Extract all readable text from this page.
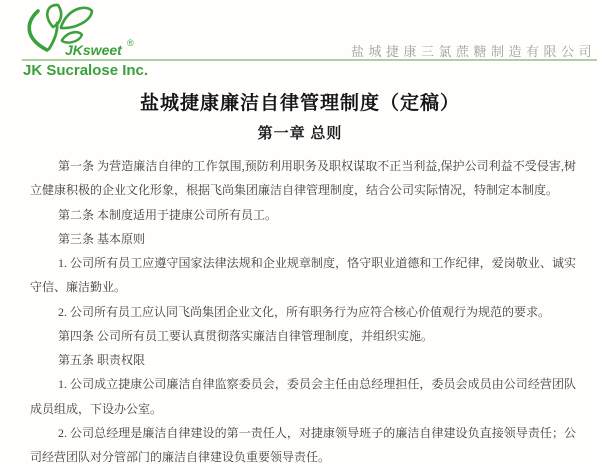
JKsweet ®
JK Sucralose Inc.
盐城捷康三氯蔗糖制造有限公司
盐城捷康廉洁自律管理制度（定稿）
第一章 总则

第一条 为营造廉洁自律的工作氛围,预防利用职务及职权谋取不正当利益,保护公司利益不受侵害,树立健康积极的企业文化形象，根据飞尚集团廉洁自律管理制度，结合公司实际情况，特制定本制度。

第二条 本制度适用于捷康公司所有员工。

第三条 基本原则

1. 公司所有员工应遵守国家法律法规和企业规章制度，恪守职业道德和工作纪律，爱岗敬业、诚实守信、廉洁勤业。

2. 公司所有员工应认同飞尚集团企业文化，所有职务行为应符合核心价值观行为规范的要求。

第四条 公司所有员工要认真贯彻落实廉洁自律管理制度，并组织实施。

第五条 职责权限

1. 公司成立捷康公司廉洁自律监察委员会，委员会主任由总经理担任，委员会成员由公司经营团队成员组成，下设办公室。

2. 公司总经理是廉洁自律建设的第一责任人，对捷康领导班子的廉洁自律建设负直接领导责任；公司经营团队对分管部门的廉洁自律建设负重要领导责任。
